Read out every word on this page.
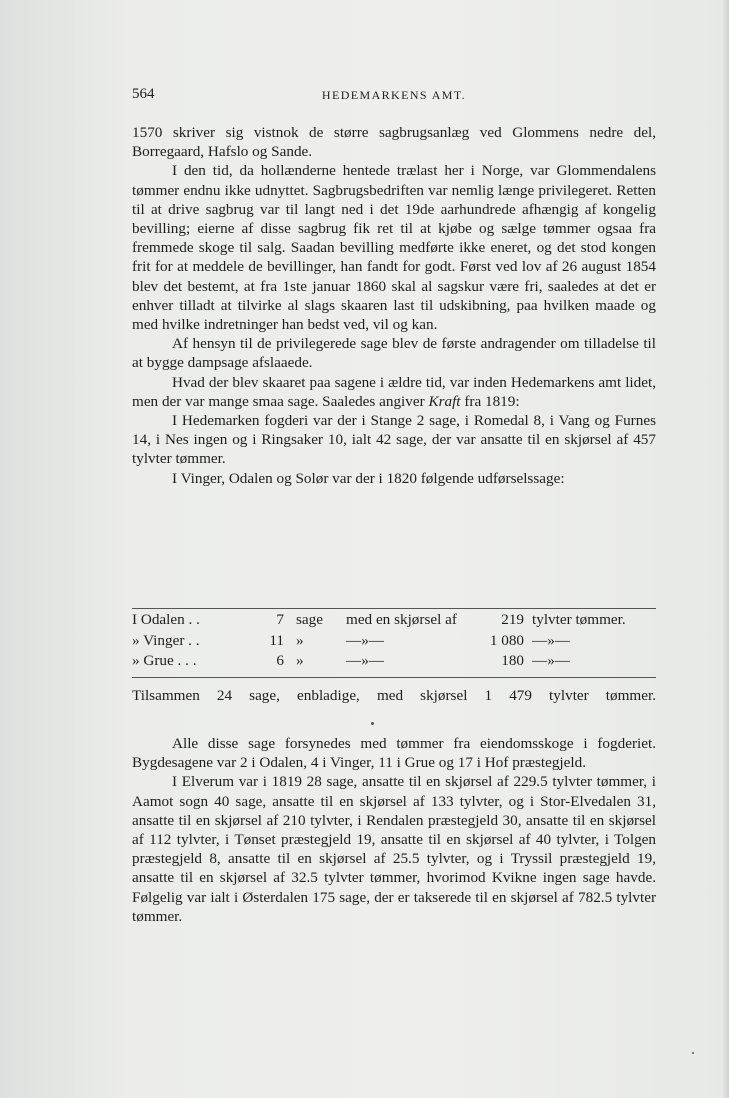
564	HEDEMARKENS AMT.

1570 skriver sig vistnok de større sagbrugsanlæg ved Glommens nedre del, Borregaard, Hafslo og Sande.

I den tid, da hollænderne hentede trælast her i Norge, var Glommendalens tømmer endnu ikke udnyttet. Sagbrugsbedriften var nemlig længe privilegeret. Retten til at drive sagbrug var til langt ned i det 19de aarhundrede afhængig af kongelig bevilling; eierne af disse sagbrug fik ret til at kjøbe og sælge tømmer ogsaa fra fremmede skoge til salg. Saadan bevilling medførte ikke eneret, og det stod kongen frit for at meddele de bevillinger, han fandt for godt. Først ved lov af 26 august 1854 blev det bestemt, at fra 1ste januar 1860 skal al sagskur være fri, saaledes at det er enhver tilladt at tilvirke al slags skaaren last til udskibning, paa hvilken maade og med hvilke indretninger han bedst ved, vil og kan.

Af hensyn til de privilegerede sage blev de første andragender om tilladelse til at bygge dampsage afslaaede.

Hvad der blev skaaret paa sagene i ældre tid, var inden Hedemarkens amt lidet, men der var mange smaa sage. Saaledes angiver Kraft fra 1819:

I Hedemarken fogderi var der i Stange 2 sage, i Romedal 8, i Vang og Furnes 14, i Nes ingen og i Ringsaker 10, ialt 42 sage, der var ansatte til en skjørsel af 457 tylvter tømmer.

I Vinger, Odalen og Solør var der i 1820 følgende udførselssage:

I Odalen . .	7 sage med en skjørsel af	219 tylvter tømmer.
» Vinger . .	11 »	—»—	1 080 —»—
» Grue . . .	6 »	—»—	180 —»—
Tilsammen 24 sage, enbladige, med skjørsel 1 479 tylvter tømmer.

Alle disse sage forsynedes med tømmer fra eiendomsskoge i fogderiet. Bygdesagene var 2 i Odalen, 4 i Vinger, 11 i Grue og 17 i Hof præstegjeld.

I Elverum var i 1819 28 sage, ansatte til en skjørsel af 229.5 tylvter tømmer, i Aamot sogn 40 sage, ansatte til en skjørsel af 133 tylvter, og i Stor-Elvedalen 31, ansatte til en skjørsel af 210 tylvter, i Rendalen præstegjeld 30, ansatte til en skjørsel af 112 tylvter, i Tønset præstegjeld 19, ansatte til en skjørsel af 40 tylvter, i Tolgen præstegjeld 8, ansatte til en skjørsel af 25.5 tylvter, og i Tryssil præstegjeld 19, ansatte til en skjørsel af 32.5 tylvter tømmer, hvorimod Kvikne ingen sage havde. Følgelig var ialt i Østerdalen 175 sage, der er takserede til en skjørsel af 782.5 tylvter tømmer.
